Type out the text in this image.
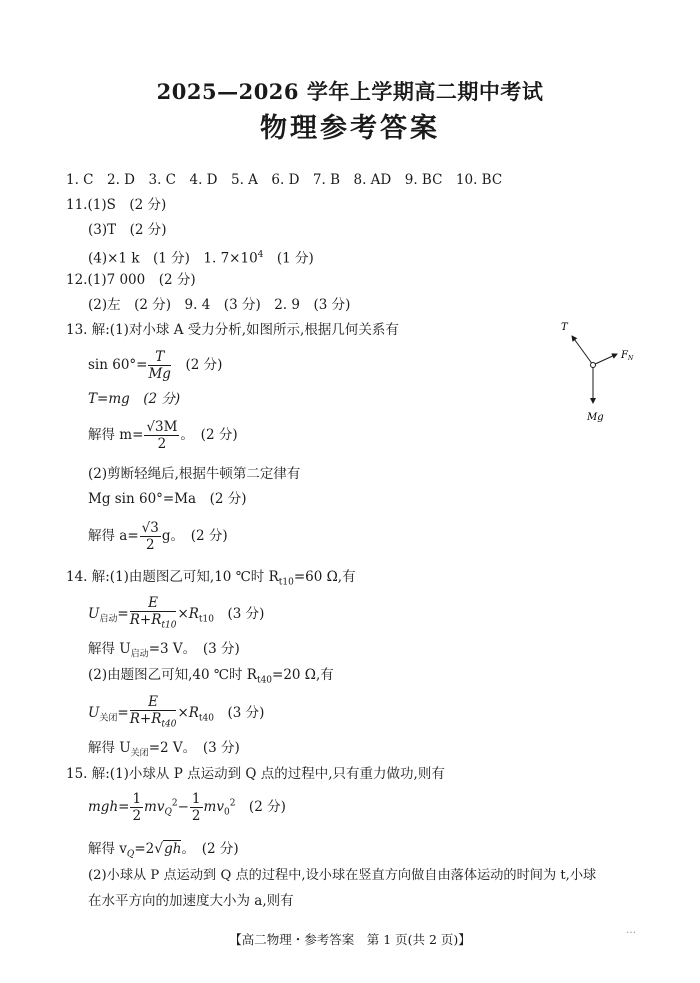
2025—2026 学年上学期高二期中考试
物理参考答案
1. C　2. D　3. C　4. D　5. A　6. D　7. B　8. AD　9. BC　10. BC
11.(1)S　(2 分)
(3)T　(2 分)
(4)×1 k　(1 分)　1. $7\times 10^4$　(1 分)
12.(1)7 000　(2 分)
(2)左　(2 分)　9. 4　(3 分)　2. 9　(3 分)
13. 解:(1)对小球 A 受力分析,如图所示,根据几何关系有
$\sin 60^\circ= \frac{T}{Mg}$
　 (2 分)
T=mg　(2 分)
解得 $m= \frac{√3M}{2}$ 。　(2 分)
(2)剪断轻绳后,根据牛顿第二定律有
Mg sin 60°=Ma　(2 分)
解得 $a= \frac{√3}{2}$ g。　(2 分)
T
$F_N$
Mg
14. 解:(1)由题图乙可知,10 ℃时 $R_{t10}=60$ Ω,有
$U_{启动}= \frac{E}{R+R_{t10}} \times R_{t10}$　 (3 分)
解得 $U_{启动}=3$ V。　(3 分)
(2)由题图乙可知,40 ℃时 $R_{t40}=20$ Ω,有
$U_{关闭}= \frac{E}{R+R_{t40}} \times R_{t40}$　 (3 分)
解得 $U_{关闭}=2$ V。　(3 分)
15. 解:(1)小球从 P 点运动到 Q 点的过程中,只有重力做功,则有
$mgh= \frac{1}{2} mv_Q^2- \frac{1}{2} mv_0^2$　 (2 分)
解得 $v_Q=2√gh$。　(2 分)
(2)小球从 P 点运动到 Q 点的过程中,设小球在竖直方向做自由落体运动的时间为 t,小球
在水平方向的加速度大小为 a,则有
【高二物理・参考答案　第 1 页(共 2 页)】
…
